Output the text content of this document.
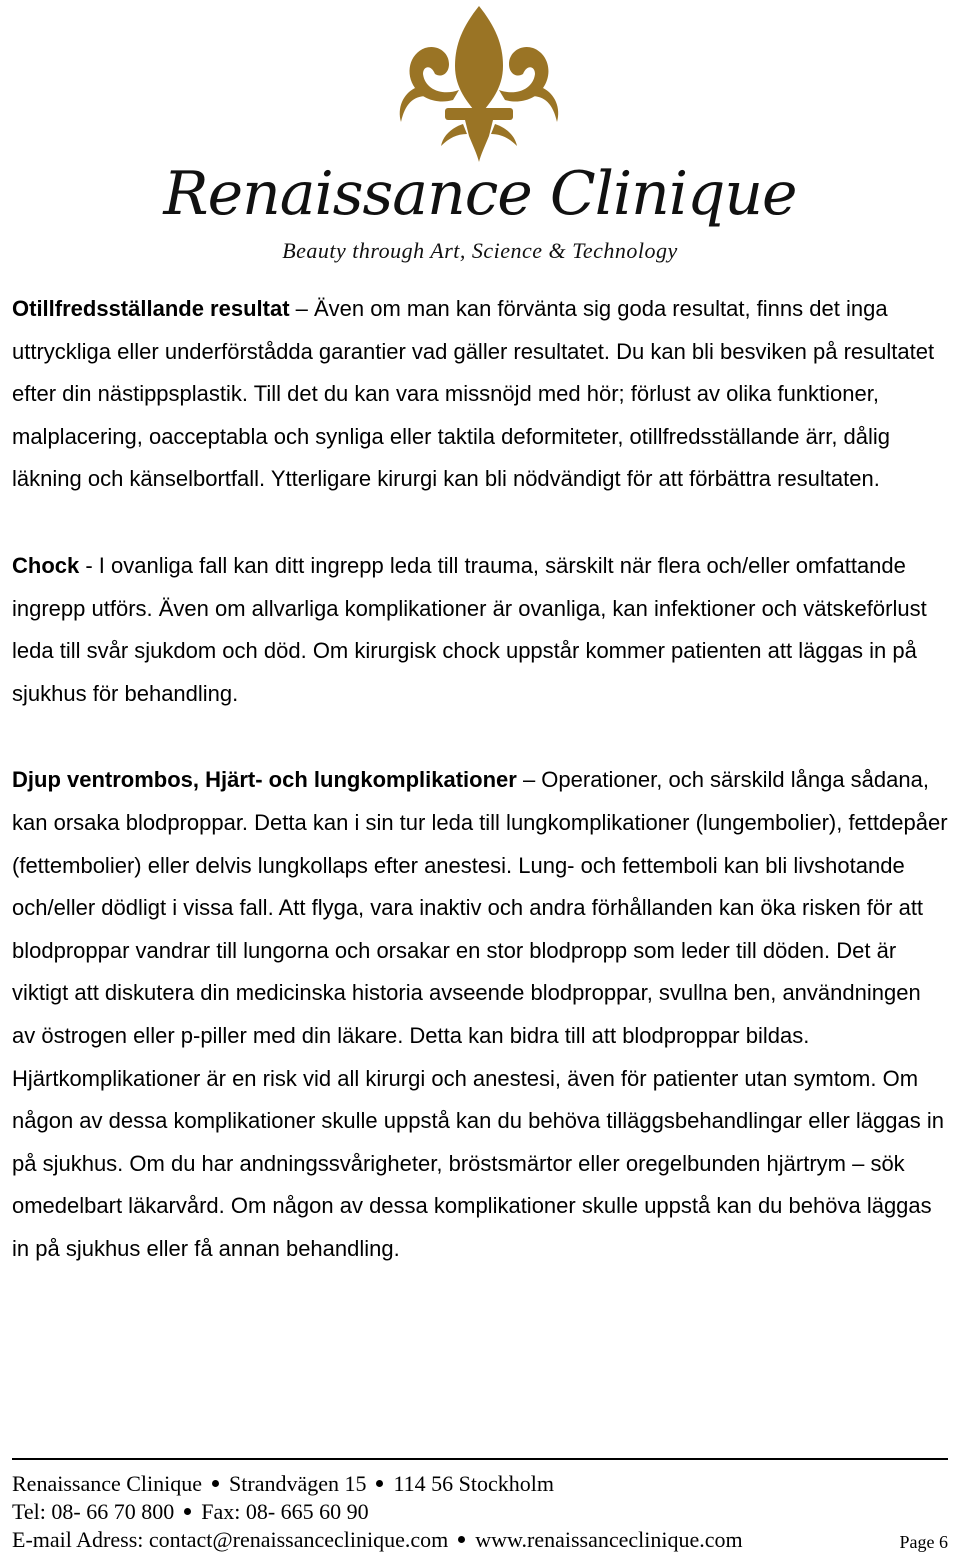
Renaissance Clinique
Beauty through Art, Science & Technology

Otillfredsställande resultat – Även om man kan förvänta sig goda resultat, finns det inga uttryckliga eller underförstådda garantier vad gäller resultatet. Du kan bli besviken på resultatet efter din nästippsplastik. Till det du kan vara missnöjd med hör; förlust av olika funktioner, malplacering, oacceptabla och synliga eller taktila deformiteter, otillfredsställande ärr, dålig läkning och känselbortfall. Ytterligare kirurgi kan bli nödvändigt för att förbättra resultaten.

Chock - I ovanliga fall kan ditt ingrepp leda till trauma, särskilt när flera och/eller omfattande ingrepp utförs. Även om allvarliga komplikationer är ovanliga, kan infektioner och vätskeförlust leda till svår sjukdom och död. Om kirurgisk chock uppstår kommer patienten att läggas in på sjukhus för behandling.

Djup ventrombos, Hjärt- och lungkomplikationer – Operationer, och särskild långa sådana, kan orsaka blodproppar. Detta kan i sin tur leda till lungkomplikationer (lungembolier), fettdepåer (fettembolier) eller delvis lungkollaps efter anestesi. Lung- och fettemboli kan bli livshotande och/eller dödligt i vissa fall. Att flyga, vara inaktiv och andra förhållanden kan öka risken för att blodproppar vandrar till lungorna och orsakar en stor blodpropp som leder till döden. Det är viktigt att diskutera din medicinska historia avseende blodproppar, svullna ben, användningen av östrogen eller p-piller med din läkare. Detta kan bidra till att blodproppar bildas. Hjärtkomplikationer är en risk vid all kirurgi och anestesi, även för patienter utan symtom. Om någon av dessa komplikationer skulle uppstå kan du behöva tilläggsbehandlingar eller läggas in på sjukhus. Om du har andningssvårigheter, bröstsmärtor eller oregelbunden hjärtrym – sök omedelbart läkarvård. Om någon av dessa komplikationer skulle uppstå kan du behöva läggas in på sjukhus eller få annan behandling.

Renaissance Clinique Strandvägen 15 114 56 Stockholm
Tel: 08- 66 70 800 Fax: 08- 665 60 90
E-mail Adress: contact@renaissanceclinique.com www.renaissanceclinique.com	Page 6
